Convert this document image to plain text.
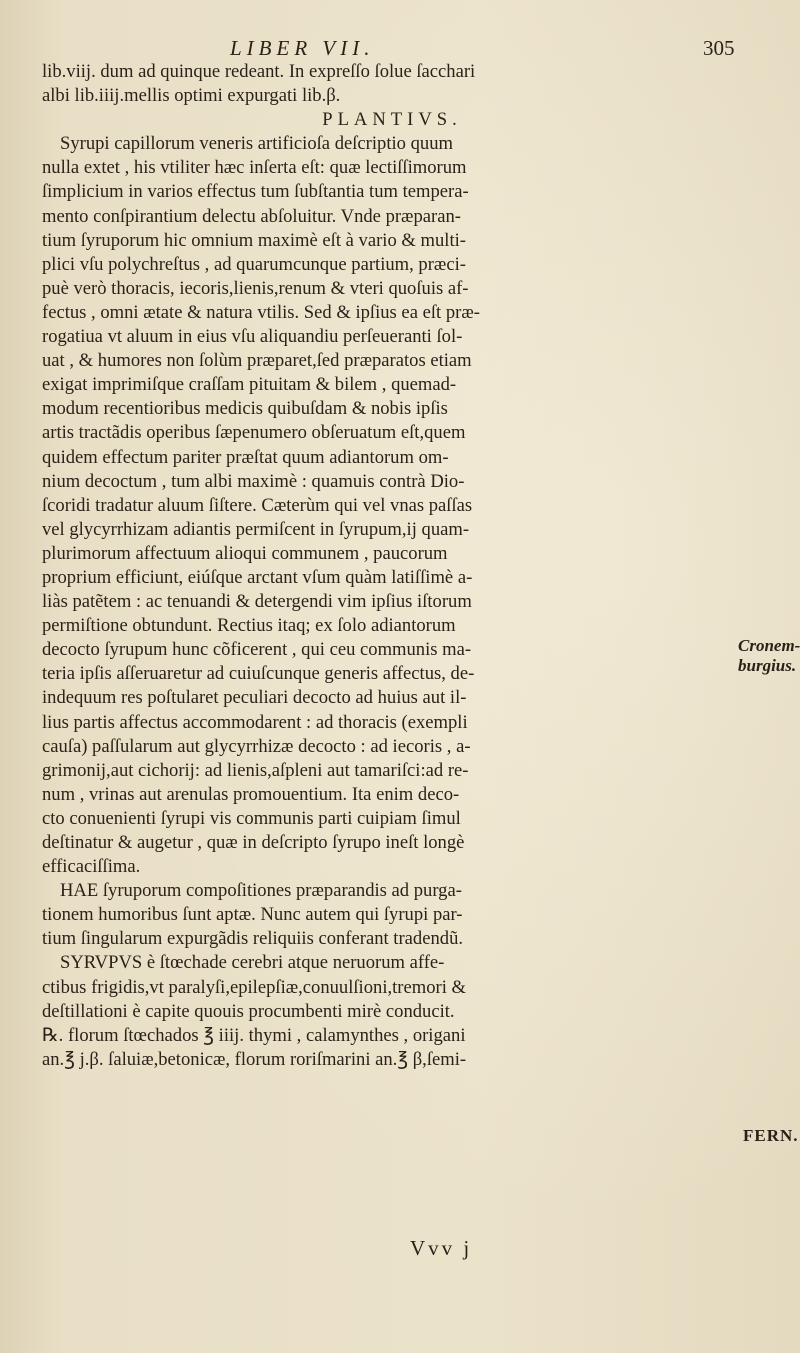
LIBER VII.	305
lib.viij. dum ad quinque redeant. In expreſſo ſolue ſacchari
albi lib.iiij.mellis optimi expurgati lib.β.
PLANTIVS.
Syrupi capillorum veneris artificioſa deſcriptio quum
nulla extet , his vtiliter hæc inſerta eſt: quæ lectiſſimorum
ſimplicium in varios effectus tum ſubſtantia tum tempera-
mento conſpirantium delectu abſoluitur. Vnde præparan-
tium ſyruporum hic omnium maximè eſt à vario & multi-
plici vſu polychreſtus , ad quarumcunque partium, præci-
puè verò thoracis, iecoris,lienis,renum & vteri quoſuis af-
fectus , omni ætate & natura vtilis. Sed & ipſius ea eſt præ-
rogatiua vt aluum in eius vſu aliquandiu perſeueranti ſol-
uat , & humores non ſolùm præparet,ſed præparatos etiam
exigat imprimiſque craſſam pituitam & bilem , quemad-
modum recentioribus medicis quibuſdam & nobis ipſis
artis tractãdis operibus ſæpenumero obſeruatum eſt,quem
quidem effectum pariter præſtat quum adiantorum om-
nium decoctum , tum albi maximè : quamuis contrà Dio-
ſcoridi tradatur aluum ſiſtere. Cæterùm qui vel vnas paſſas
vel glycyrrhizam adiantis permiſcent in ſyrupum,ij quam-
plurimorum affectuum alioqui communem , paucorum
proprium efficiunt, eiúſque arctant vſum quàm latiſſimè a-
liàs patẽtem : ac tenuandi & detergendi vim ipſius iſtorum
permiſtione obtundunt. Rectius itaq; ex ſolo adiantorum
decocto ſyrupum hunc cõficerent , qui ceu communis ma-
teria ipſis aſſeruaretur ad cuiuſcunque generis affectus, de-
indequum res poſtularet peculiari decocto ad huius aut il-
lius partis affectus accommodarent : ad thoracis (exempli
cauſa) paſſularum aut glycyrrhizæ decocto : ad iecoris , a-
grimonij,aut cichorij: ad lienis,aſpleni aut tamariſci:ad re-
num , vrinas aut arenulas promouentium. Ita enim deco-
cto conuenienti ſyrupi vis communis parti cuipiam ſimul
deſtinatur & augetur , quæ in deſcripto ſyrupo ineſt longè
efficaciſſima.
HAE ſyruporum compoſitiones præparandis ad purga-
tionem humoribus ſunt aptæ. Nunc autem qui ſyrupi par-
tium ſingularum expurgãdis reliquiis conferant tradendũ.
SYRVPVS è ſtœchade cerebri atque neruorum affe-
ctibus frigidis,vt paralyſi,epilepſiæ,conuulſioni,tremori &
deſtillationi è capite quouis procumbenti mirè conducit.
℞. florum ſtœchados ℥ iiij. thymi , calamynthes , origani
an.℥ j.β. ſaluiæ,betonicæ, florum roriſmarini an.℥ β,ſemi-
Cronem-
burgius.
FERN.
Vvv j
